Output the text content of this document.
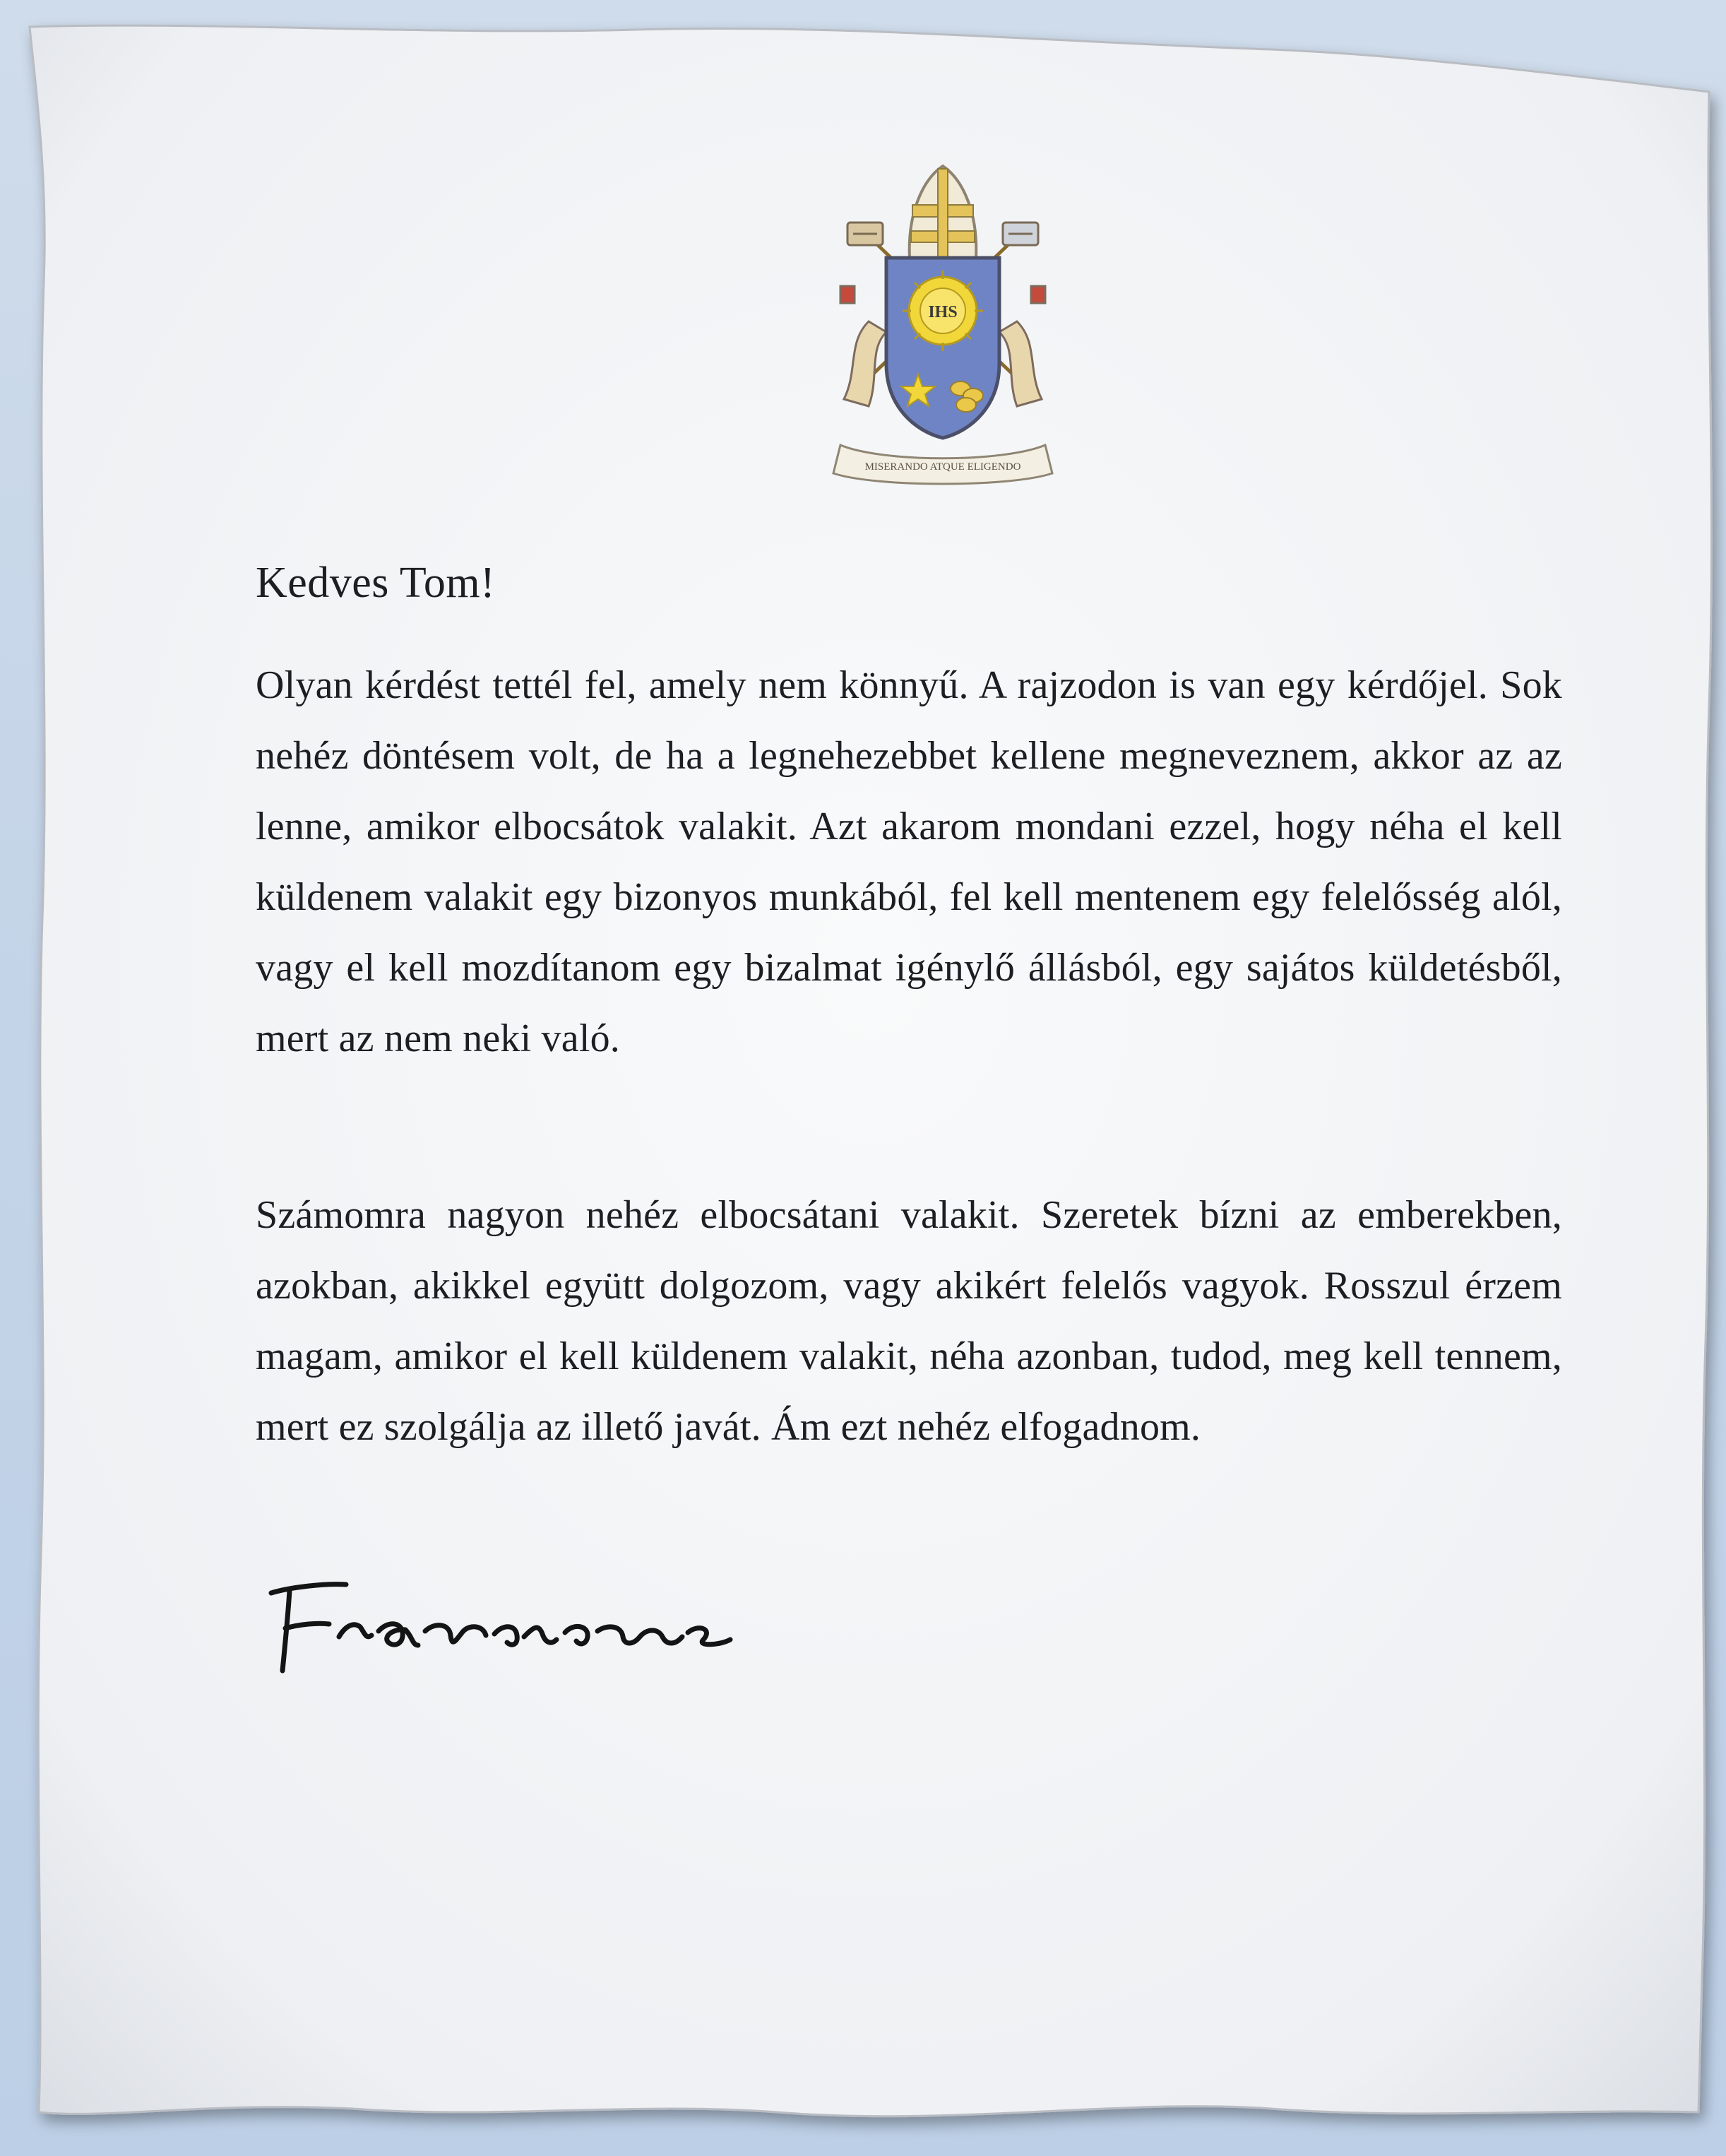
IHS
MISERANDO ATQUE ELIGENDO

Kedves Tom!

Olyan kérdést tettél fel, amely nem könnyű. A rajzodon is van egy kérdőjel. Sok nehéz döntésem volt, de ha a legnehezebbet kellene megneveznem, akkor az az lenne, amikor elbocsátok valakit. Azt akarom mondani ezzel, hogy néha el kell küldenem valakit egy bizonyos munkából, fel kell mentenem egy felelősség alól, vagy el kell mozdítanom egy bizalmat igénylő állásból, egy sajátos küldetésből, mert az nem neki való.

Számomra nagyon nehéz elbocsátani valakit. Szeretek bízni az emberekben, azokban, akikkel együtt dolgozom, vagy akikért felelős vagyok. Rosszul érzem magam, amikor el kell küldenem valakit, néha azonban, tudod, meg kell tennem, mert ez szolgálja az illető javát. Ám ezt nehéz elfogadnom.
